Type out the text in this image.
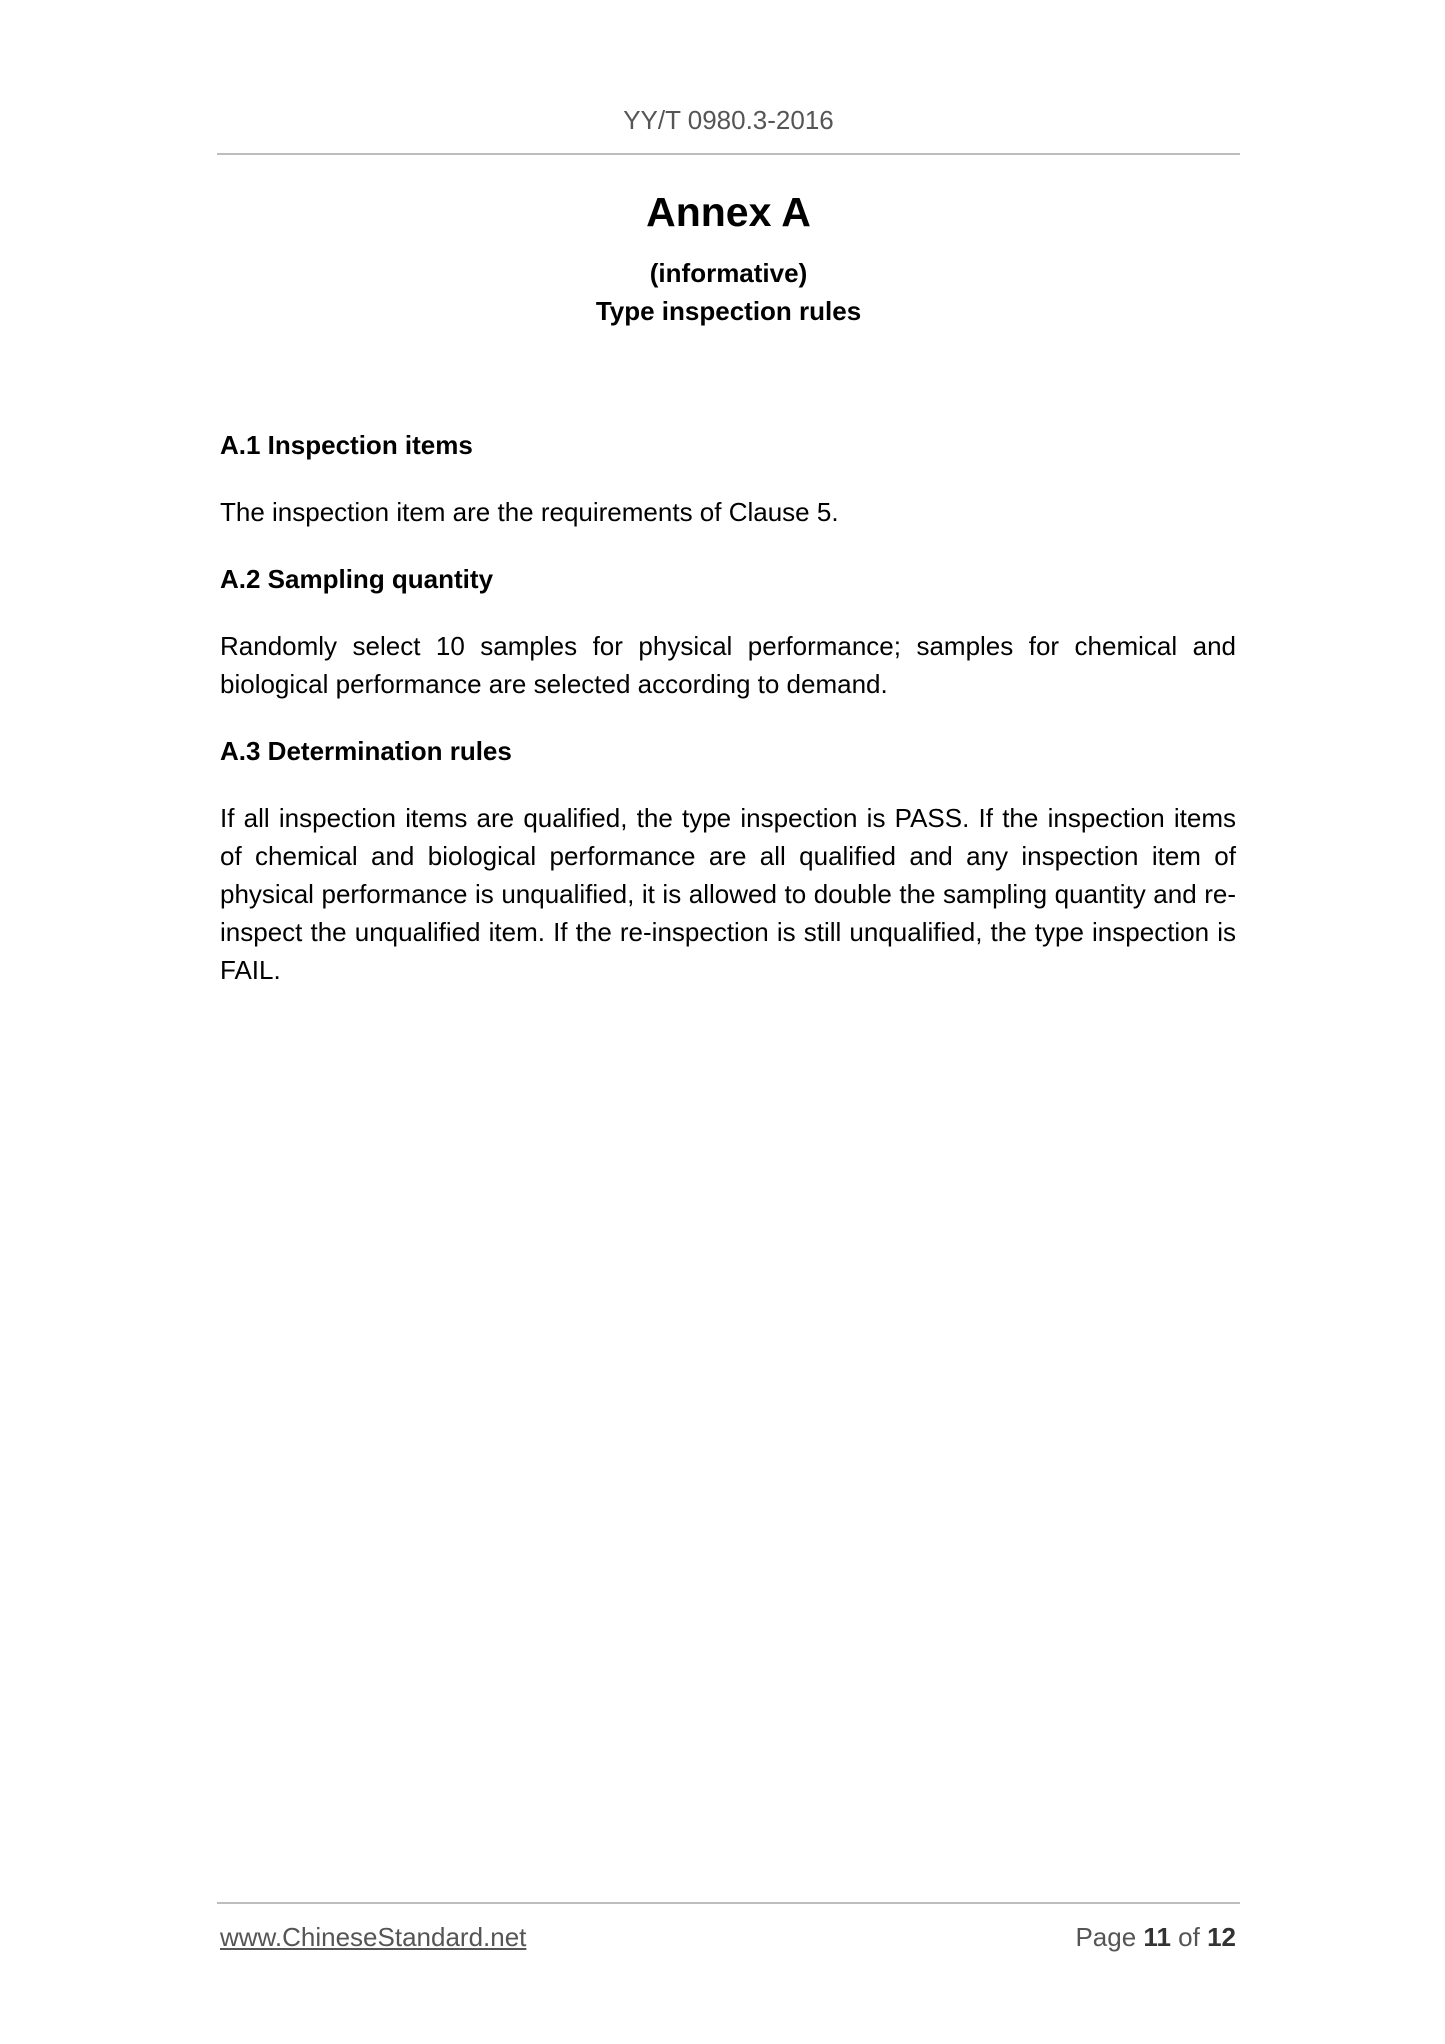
YY/T 0980.3-2016
Annex A
(informative)
Type inspection rules
A.1 Inspection items

The inspection item are the requirements of Clause 5.

A.2 Sampling quantity

Randomly select 10 samples for physical performance; samples for chemical and biological performance are selected according to demand.

A.3 Determination rules

If all inspection items are qualified, the type inspection is PASS. If the inspection items of chemical and biological performance are all qualified and any inspection item of physical performance is unqualified, it is allowed to double the sampling quantity and re-inspect the unqualified item. If the re-inspection is still unqualified, the type inspection is FAIL.

www.ChineseStandard.net	Page 11 of 12
